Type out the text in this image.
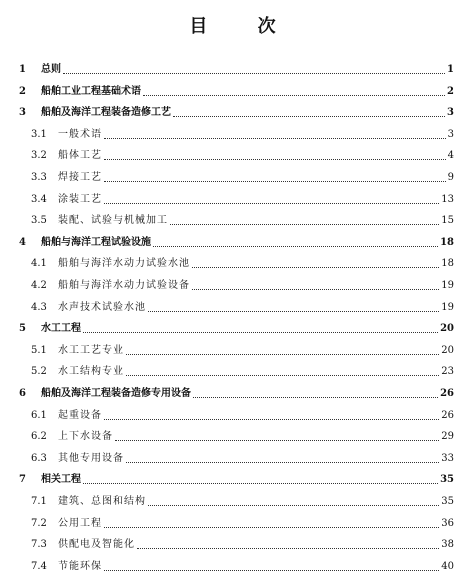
目 次
1	总则	1
2	船舶工业工程基础术语	2
3	船舶及海洋工程装备造修工艺	3
3.1	一般术语	3
3.2	船体工艺	4
3.3	焊接工艺	9
3.4	涂装工艺	13
3.5	装配、试验与机械加工	15
4	船舶与海洋工程试验设施	18
4.1	船舶与海洋水动力试验水池	18
4.2	船舶与海洋水动力试验设备	19
4.3	水声技术试验水池	19
5	水工工程	20
5.1	水工工艺专业	20
5.2	水工结构专业	23
6	船舶及海洋工程装备造修专用设备	26
6.1	起重设备	26
6.2	上下水设备	29
6.3	其他专用设备	33
7	相关工程	35
7.1	建筑、总图和结构	35
7.2	公用工程	36
7.3	供配电及智能化	38
7.4	节能环保	40
